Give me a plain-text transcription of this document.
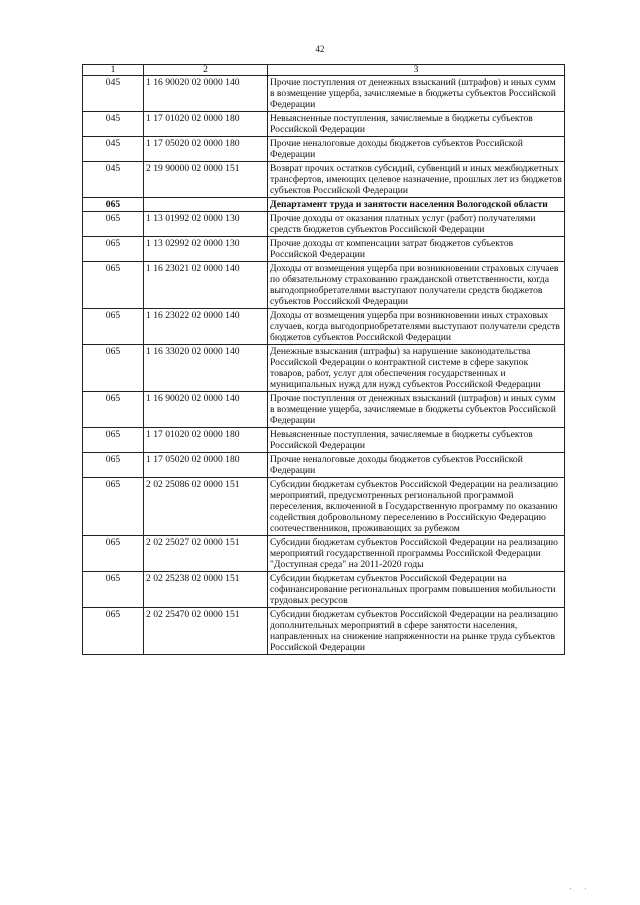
42
1	2	3
045	1 16 90020 02 0000 140	Прочие поступления от денежных взысканий (штрафов) и иных сумм в возмещение ущерба, зачисляемые в бюджеты субъектов Российской Федерации
045	1 17 01020 02 0000 180	Невыясненные поступления, зачисляемые в бюджеты субъектов Российской Федерации
045	1 17 05020 02 0000 180	Прочие неналоговые доходы бюджетов субъектов Российской Федерации
045	2 19 90000 02 0000 151	Возврат прочих остатков субсидий, субвенций и иных межбюджетных трансфертов, имеющих целевое назначение, прошлых лет из бюджетов субъектов Российской Федерации
065		Департамент труда и занятости населения Вологодской области
065	1 13 01992 02 0000 130	Прочие доходы от оказания платных услуг (работ) получателями средств бюджетов субъектов Российской Федерации
065	1 13 02992 02 0000 130	Прочие доходы от компенсации затрат бюджетов субъектов Российской Федерации
065	1 16 23021 02 0000 140	Доходы от возмещения ущерба при возникновении страховых случаев по обязательному страхованию гражданской ответственности, когда выгодоприобретателями выступают получатели средств бюджетов субъектов Российской Федерации
065	1 16 23022 02 0000 140	Доходы от возмещения ущерба при возникновении иных страховых случаев, когда выгодоприобретателями выступают получатели средств бюджетов субъектов Российской Федерации
065	1 16 33020 02 0000 140	Денежные взыскания (штрафы) за нарушение законодательства Российской Федерации о контрактной системе в сфере закупок товаров, работ, услуг для обеспечения государственных и муниципальных нужд для нужд субъектов Российской Федерации
065	1 16 90020 02 0000 140	Прочие поступления от денежных взысканий (штрафов) и иных сумм в возмещение ущерба, зачисляемые в бюджеты субъектов Российской Федерации
065	1 17 01020 02 0000 180	Невыясненные поступления, зачисляемые в бюджеты субъектов Российской Федерации
065	1 17 05020 02 0000 180	Прочие неналоговые доходы бюджетов субъектов Российской Федерации
065	2 02 25086 02 0000 151	Субсидии бюджетам субъектов Российской Федерации на реализацию мероприятий, предусмотренных региональной программой переселения, включенной в Государственную программу по оказанию содействия добровольному переселению в Российскую Федерацию соотечественников, проживающих за рубежом
065	2 02 25027 02 0000 151	Субсидии бюджетам субъектов Российской Федерации на реализацию мероприятий государственной программы Российской Федерации "Доступная среда" на 2011-2020 годы
065	2 02 25238 02 0000 151	Субсидии бюджетам субъектов Российской Федерации на софинансирование региональных программ повышения мобильности трудовых ресурсов
065	2 02 25470 02 0000 151	Субсидии бюджетам субъектов Российской Федерации на реализацию дополнительных мероприятий в сфере занятости населения, направленных на снижение напряженности на рынке труда субъектов Российской Федерации
' '
